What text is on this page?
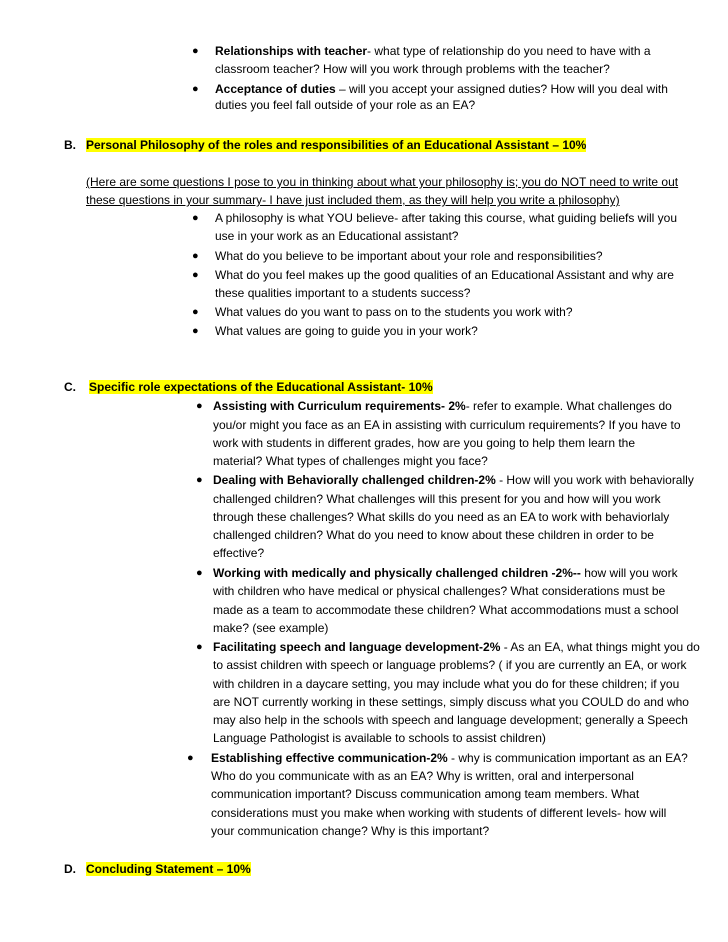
● Relationships with teacher- what type of relationship do you need to have with a
classroom teacher? How will you work through problems with the teacher?
● Acceptance of duties – will you accept your assigned duties? How will you deal with
duties you feel fall outside of your role as an EA?
B. Personal Philosophy of the roles and responsibilities of an Educational Assistant – 10%
(Here are some questions I pose to you in thinking about what your philosophy is; you do NOT need to write out
these questions in your summary- I have just included them, as they will help you write a philosophy)
● A philosophy is what YOU believe- after taking this course, what guiding beliefs will you
use in your work as an Educational assistant?
● What do you believe to be important about your role and responsibilities?
● What do you feel makes up the good qualities of an Educational Assistant and why are
these qualities important to a students success?
● What values do you want to pass on to the students you work with?
● What values are going to guide you in your work?
C. Specific role expectations of the Educational Assistant- 10%
● Assisting with Curriculum requirements- 2%- refer to example. What challenges do
you/or might you face as an EA in assisting with curriculum requirements? If you have to
work with students in different grades, how are you going to help them learn the
material? What types of challenges might you face?
● Dealing with Behaviorally challenged children-2% - How will you work with behaviorally
challenged children? What challenges will this present for you and how will you work
through these challenges? What skills do you need as an EA to work with behaviorlaly
challenged children? What do you need to know about these children in order to be
effective?
● Working with medically and physically challenged children -2%-- how will you work
with children who have medical or physical challenges? What considerations must be
made as a team to accommodate these children? What accommodations must a school
make? (see example)
● Facilitating speech and language development-2% - As an EA, what things might you do
to assist children with speech or language problems? ( if you are currently an EA, or work
with children in a daycare setting, you may include what you do for these children; if you
are NOT currently working in these settings, simply discuss what you COULD do and who
may also help in the schools with speech and language development; generally a Speech
Language Pathologist is available to schools to assist children)
● Establishing effective communication-2% - why is communication important as an EA?
Who do you communicate with as an EA? Why is written, oral and interpersonal
communication important? Discuss communication among team members. What
considerations must you make when working with students of different levels- how will
your communication change? Why is this important?
D. Concluding Statement – 10%
